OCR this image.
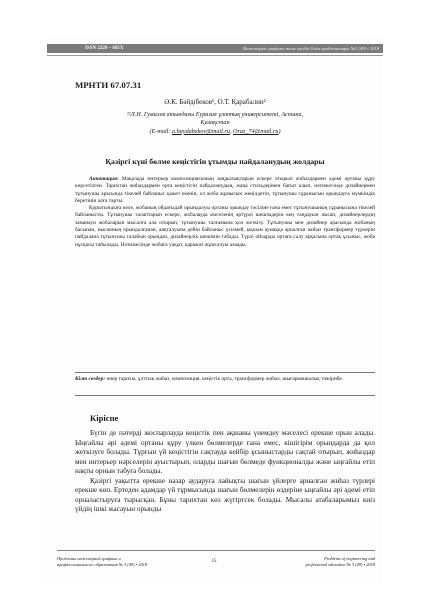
ISSN 2220 – 685X	Инженерлік графика және кәсіби білім проблемалары №3 (49) • 2018
МРНТИ 67.07.31
Ә.К. Бәйдібеков¹, О.Т. Қарабалин²
¹²Л.Н. Гумилев атындағы Еуразия ұлттық университеті, Астана,
Қазақстан
(E-mail: a.baydabekov@mail.ru, Oraz_74@mail.ru)
Қазіргі күні бөлме кеңістігін ұтымды пайдаланудың жолдары

Аннотация: Мақалада интерьер композициясының заңдылықтарын ескере отырып жиһаздармен әдемі ортаны құру көрсетілген. Тарихтан жиһаздармен орта кеңістігін пайдаланудың, жаңа стильдерінен бағыт алып, нәтижесінде дизайнермен тұтынушы арасында тікелей байланыс қажет екенін, ол жоба жұмысын жеңілдетіп, тұтынушы сұранысын орындауға мүмкіндік беретінін алға тарты.

Қорытындыға келе, жобаның ойдағыдай орындалуы ортаны орындау тәсіліне ғана емес тұтынушының сұранысына тікелей байланысты. Тұтынушы талаптарын ескере, жобалауда мәселенің әртүрлі шешімдерін кең таңдауын жасап, дизайнерлердің заманауи жобаларын мысалға ала отырып, тұтынушы талғамына қол жеткізу. Тұтынушы мен дизайнер арасында жобаның басынан, нысанның орындалғанан, аяқталуына дейін байланыс үзілмей, ықшам аумаққа арналған жиһаз трансформер түрлерін пайдалана тұтынушы талабын орындап, дизайнерлік шешімін табады. Түрлі ойларды ортаға салу арқасына ортақ ұсыныс, жоба нұсқасы табылады. Нәтижесінде жобаға уақыт, қаражат жұмсалуы азаяды.

Кілт сөздер: өнер тарихы, ұлттық жиһаз, композиция, кеңістік орта, трансформер жиһаз, шығармашылық тәжірибе.
Кіріспе

Бүгін де пәтерді жоспарлауда кеңістік пен ақшаны үнемдеу мәселесі ерекше орын алады. Ыңғайлы әрі әдемі ортаны құру үлкен бөлмелерде ғана емес, кішігірім орындарда да қол жеткізуге болады. Тұрғын үй кеңістігін сақтауда кейбір ұсыныстарды сақтай отырып, жиһаздар мен интерьер нәрселерін ауыстырып, оларды шағын бөлмеде функционалды және ыңғайлы етіп нақты орнын табуға болады.

Қазіргі уақытта ерекше назар аударуға лайықты шағын үйлерге арналған жиһаз түрлері ерекше көп. Ертеден адамдар үй тұрмысында шағын бөлмелерін өздеріне ыңғайлы әрі әдемі етіп орналастыруға тырысқан. Бұны тарихтан көз жүгіртсек болады. Мысалы атабаларымыз киіз үйдің ішкі жасауын орынды

Проблемы инженерной графики и
профессионального образования № 3 (49) • 2018
15
Problems of engineering and
professional education № 3 (49) • 2018
